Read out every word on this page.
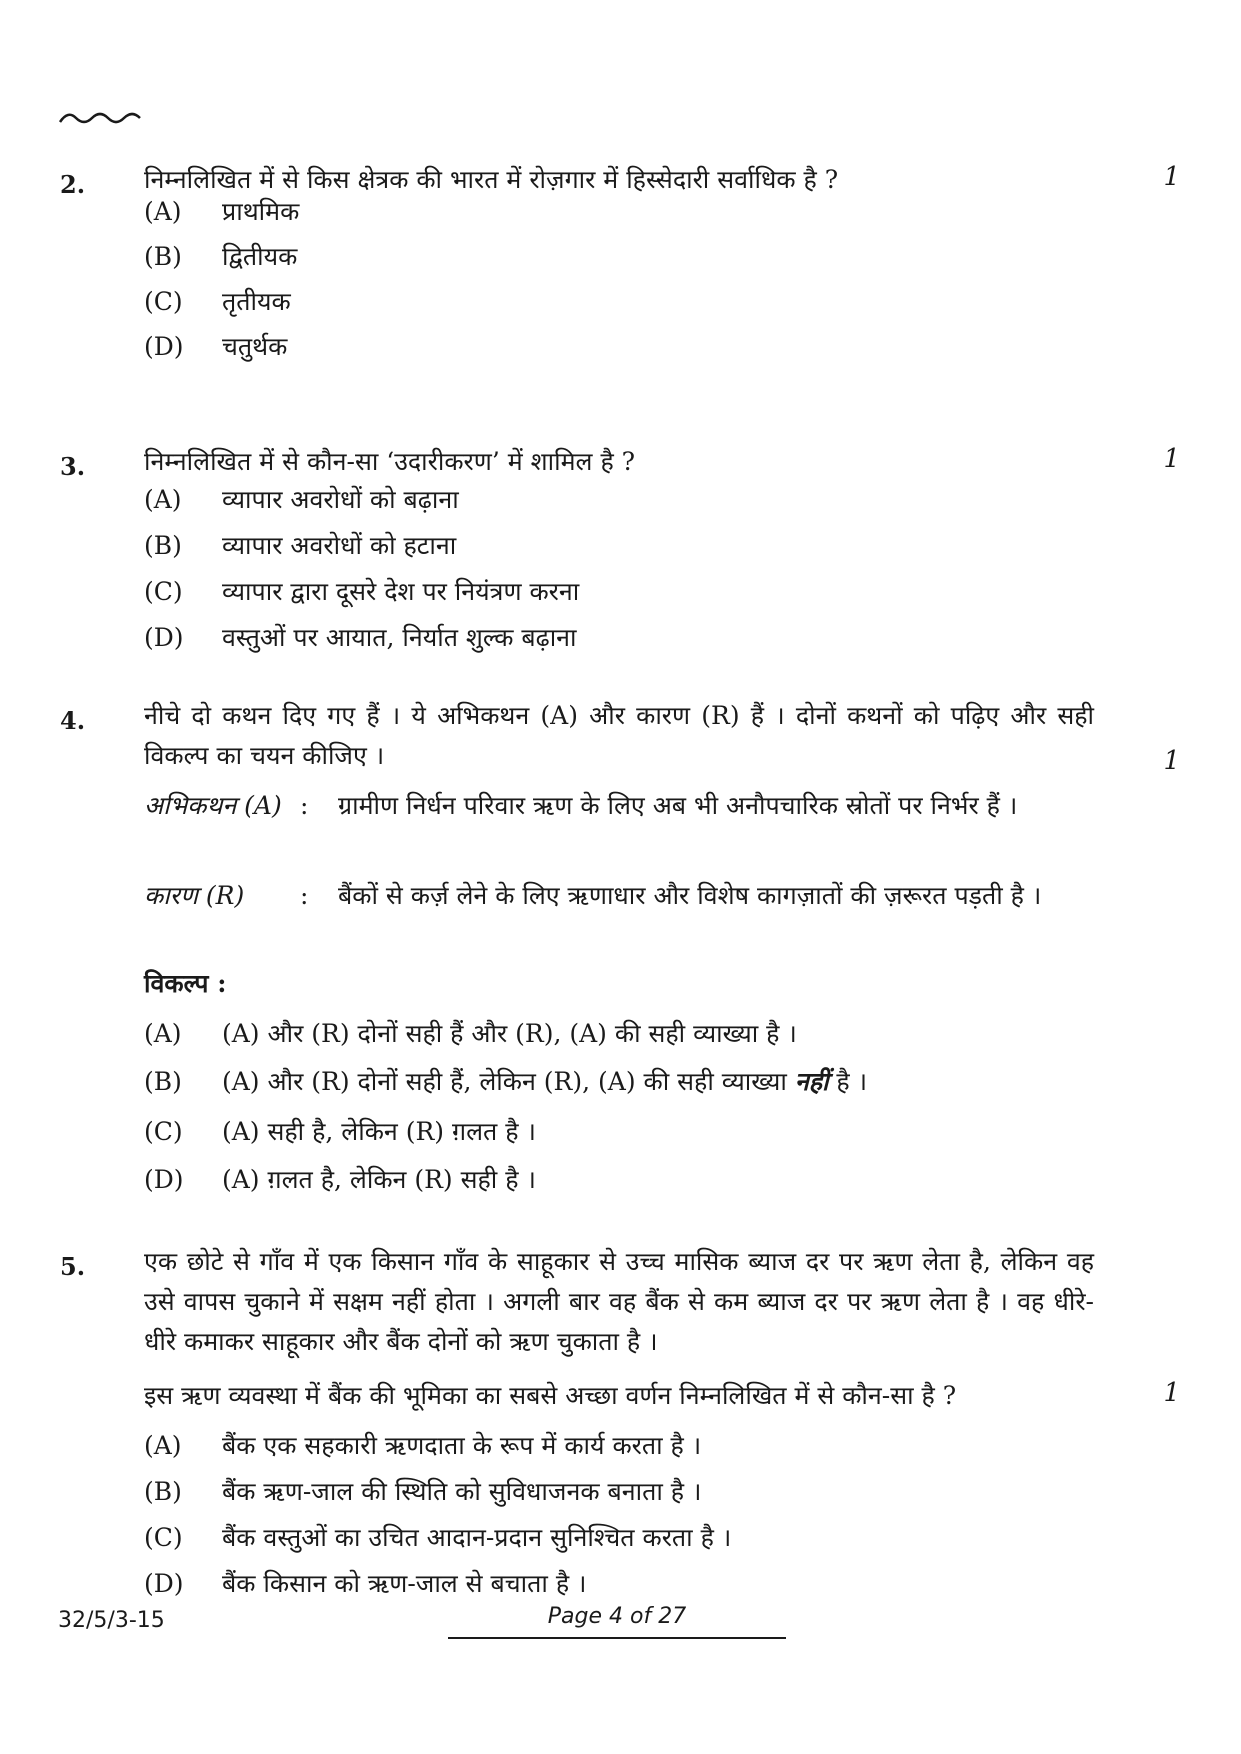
2. निम्नलिखित में से किस क्षेत्रक की भारत में रोज़गार में हिस्सेदारी सर्वाधिक है ?	1
(A) प्राथमिक
(B) द्वितीयक
(C) तृतीयक
(D) चतुर्थक
3. निम्नलिखित में से कौन-सा ‘उदारीकरण’ में शामिल है ?	1
(A) व्यापार अवरोधों को बढ़ाना
(B) व्यापार अवरोधों को हटाना
(C) व्यापार द्वारा दूसरे देश पर नियंत्रण करना
(D) वस्तुओं पर आयात, निर्यात शुल्क बढ़ाना
4. नीचे दो कथन दिए गए हैं । ये अभिकथन (A) और कारण (R) हैं । दोनों कथनों को पढ़िए और सही विकल्प का चयन कीजिए ।	1
अभिकथन (A) : ग्रामीण निर्धन परिवार ऋण के लिए अब भी अनौपचारिक स्रोतों पर निर्भर हैं ।
कारण (R) : बैंकों से कर्ज़ लेने के लिए ऋणाधार और विशेष कागज़ातों की ज़रूरत पड़ती है ।
विकल्प :
(A) (A) और (R) दोनों सही हैं और (R), (A) की सही व्याख्या है ।
(B) (A) और (R) दोनों सही हैं, लेकिन (R), (A) की सही व्याख्या नहीं है ।
(C) (A) सही है, लेकिन (R) ग़लत है ।
(D) (A) ग़लत है, लेकिन (R) सही है ।
5. एक छोटे से गाँव में एक किसान गाँव के साहूकार से उच्च मासिक ब्याज दर पर ऋण लेता है, लेकिन वह उसे वापस चुकाने में सक्षम नहीं होता । अगली बार वह बैंक से कम ब्याज दर पर ऋण लेता है । वह धीरे-धीरे कमाकर साहूकार और बैंक दोनों को ऋण चुकाता है ।
इस ऋण व्यवस्था में बैंक की भूमिका का सबसे अच्छा वर्णन निम्नलिखित में से कौन-सा है ?	1
(A) बैंक एक सहकारी ऋणदाता के रूप में कार्य करता है ।
(B) बैंक ऋण-जाल की स्थिति को सुविधाजनक बनाता है ।
(C) बैंक वस्तुओं का उचित आदान-प्रदान सुनिश्चित करता है ।
(D) बैंक किसान को ऋण-जाल से बचाता है ।
32/5/3-15	Page 4 of 27
